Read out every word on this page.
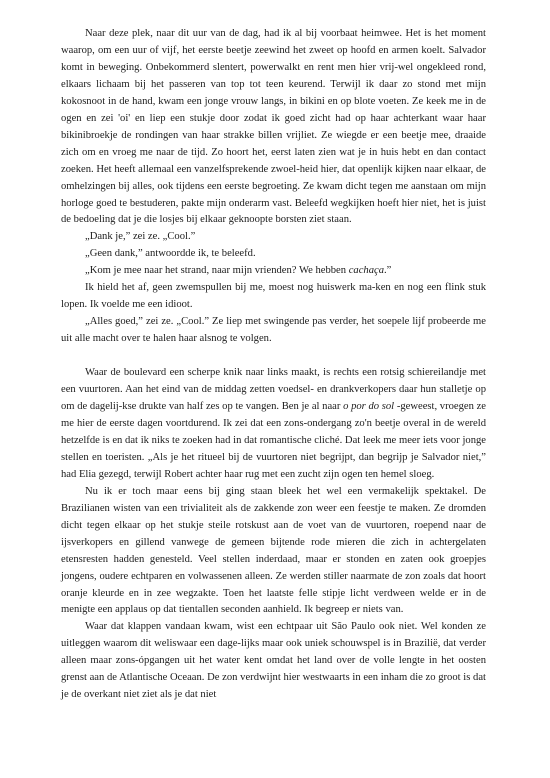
Naar deze plek, naar dit uur van de dag, had ik al bij voorbaat heimwee. Het is het moment waarop, om een uur of vijf, het eerste beetje zeewind het zweet op hoofd en armen koelt. Salvador komt in beweging. Onbekommerd slentert, powerwalkt en rent men hier vrij-wel ongekleed rond, elkaars lichaam bij het passeren van top tot teen keurend. Terwijl ik daar zo stond met mijn kokosnoot in de hand, kwam een jonge vrouw langs, in bikini en op blote voeten. Ze keek me in de ogen en zei 'oi' en liep een stukje door zodat ik goed zicht had op haar achterkant waar haar bikinibroekje de rondingen van haar strakke billen vrijliet. Ze wiegde er een beetje mee, draaide zich om en vroeg me naar de tijd. Zo hoort het, eerst laten zien wat je in huis hebt en dan contact zoeken. Het heeft allemaal een vanzelfsprekende zwoel-heid hier, dat openlijk kijken naar elkaar, de omhelzingen bij alles, ook tijdens een eerste begroeting. Ze kwam dicht tegen me aanstaan om mijn horloge goed te bestuderen, pakte mijn onderarm vast. Beleefd wegkijken hoeft hier niet, het is juist de bedoeling dat je die losjes bij elkaar geknoopte borsten ziet staan.

„Dank je,” zei ze. „Cool.”

„Geen dank,” antwoordde ik, te beleefd.

„Kom je mee naar het strand, naar mijn vrienden? We hebben cachaça.”

Ik hield het af, geen zwemspullen bij me, moest nog huiswerk ma-ken en nog een flink stuk lopen. Ik voelde me een idioot.

„Alles goed,” zei ze. „Cool.” Ze liep met swingende pas verder, het soepele lijf probeerde me uit alle macht over te halen haar alsnog te volgen.

Waar de boulevard een scherpe knik naar links maakt, is rechts een rotsig schiereilandje met een vuurtoren. Aan het eind van de middag zetten voedsel- en drankverkopers daar hun stalletje op om de dagelij-kse drukte van half zes op te vangen. Ben je al naar o por do sol -geweest, vroegen ze me hier de eerste dagen voortdurend. Ik zei dat een zons-ondergang zo'n beetje overal in de wereld hetzelfde is en dat ik niks te zoeken had in dat romantische cliché. Dat leek me meer iets voor jonge stellen en toeristen. „Als je het ritueel bij de vuurtoren niet begrijpt, dan begrijp je Salvador niet,” had Elia gezegd, terwijl Robert achter haar rug met een zucht zijn ogen ten hemel sloeg.

Nu ik er toch maar eens bij ging staan bleek het wel een vermakelijk spektakel. De Brazilianen wisten van een trivialiteit als de zakkende zon weer een feestje te maken. Ze dromden dicht tegen elkaar op het stukje steile rotskust aan de voet van de vuurtoren, roepend naar de ijsverkopers en gillend vanwege de gemeen bijtende rode mieren die zich in achtergelaten etensresten hadden genesteld. Veel stellen inderdaad, maar er stonden en zaten ook groepjes jongens, oudere echtparen en volwassenen alleen. Ze werden stiller naarmate de zon zoals dat hoort oranje kleurde en in zee wegzakte. Toen het laatste felle stipje licht verdween welde er in de menigte een applaus op dat tientallen seconden aanhield. Ik begreep er niets van.

Waar dat klappen vandaan kwam, wist een echtpaar uit São Paulo ook niet. Wel konden ze uitleggen waarom dit weliswaar een dage-lijks maar ook uniek schouwspel is in Brazilië, dat verder alleen maar zons-ópgangen uit het water kent omdat het land over de volle lengte in het oosten grenst aan de Atlantische Oceaan. De zon verdwijnt hier westwaarts in een inham die zo groot is dat je de overkant niet ziet als je dat niet
